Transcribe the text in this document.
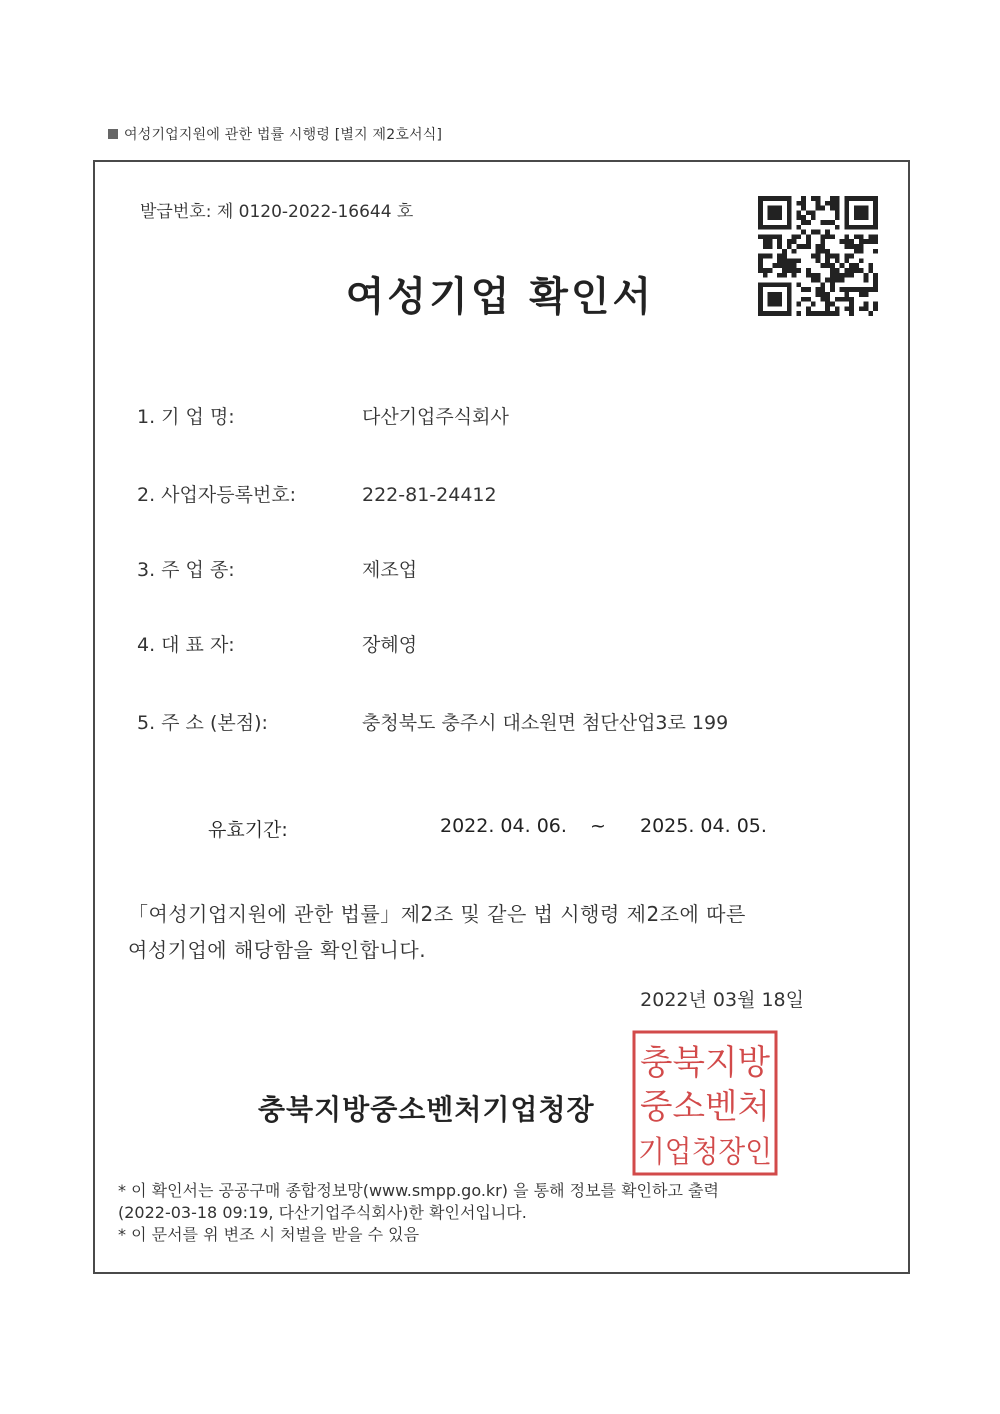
여성기업지원에 관한 법률 시행령 [별지 제2호서식]
발급번호: 제 0120-2022-16644 호
여성기업 확인서
1. 기 업 명:	다산기업주식회사
2. 사업자등록번호:	222-81-24412
3. 주 업 종:	제조업
4. 대 표 자:	장혜영
5. 주 소 (본점):	충청북도 충주시 대소원면 첨단산업3로 199
유효기간:	2022. 04. 06. ~ 2025. 04. 05.
「여성기업지원에 관한 법률」제2조 및 같은 법 시행령 제2조에 따른
여성기업에 해당함을 확인합니다.
2022년 03월 18일
충북지방중소벤처기업청장
충북지방
중소벤처
기업청장인
* 이 확인서는 공공구매 종합정보망(www.smpp.go.kr) 을 통해 정보를 확인하고 출력
(2022-03-18 09:19, 다산기업주식회사)한 확인서입니다.
* 이 문서를 위 변조 시 처벌을 받을 수 있음
